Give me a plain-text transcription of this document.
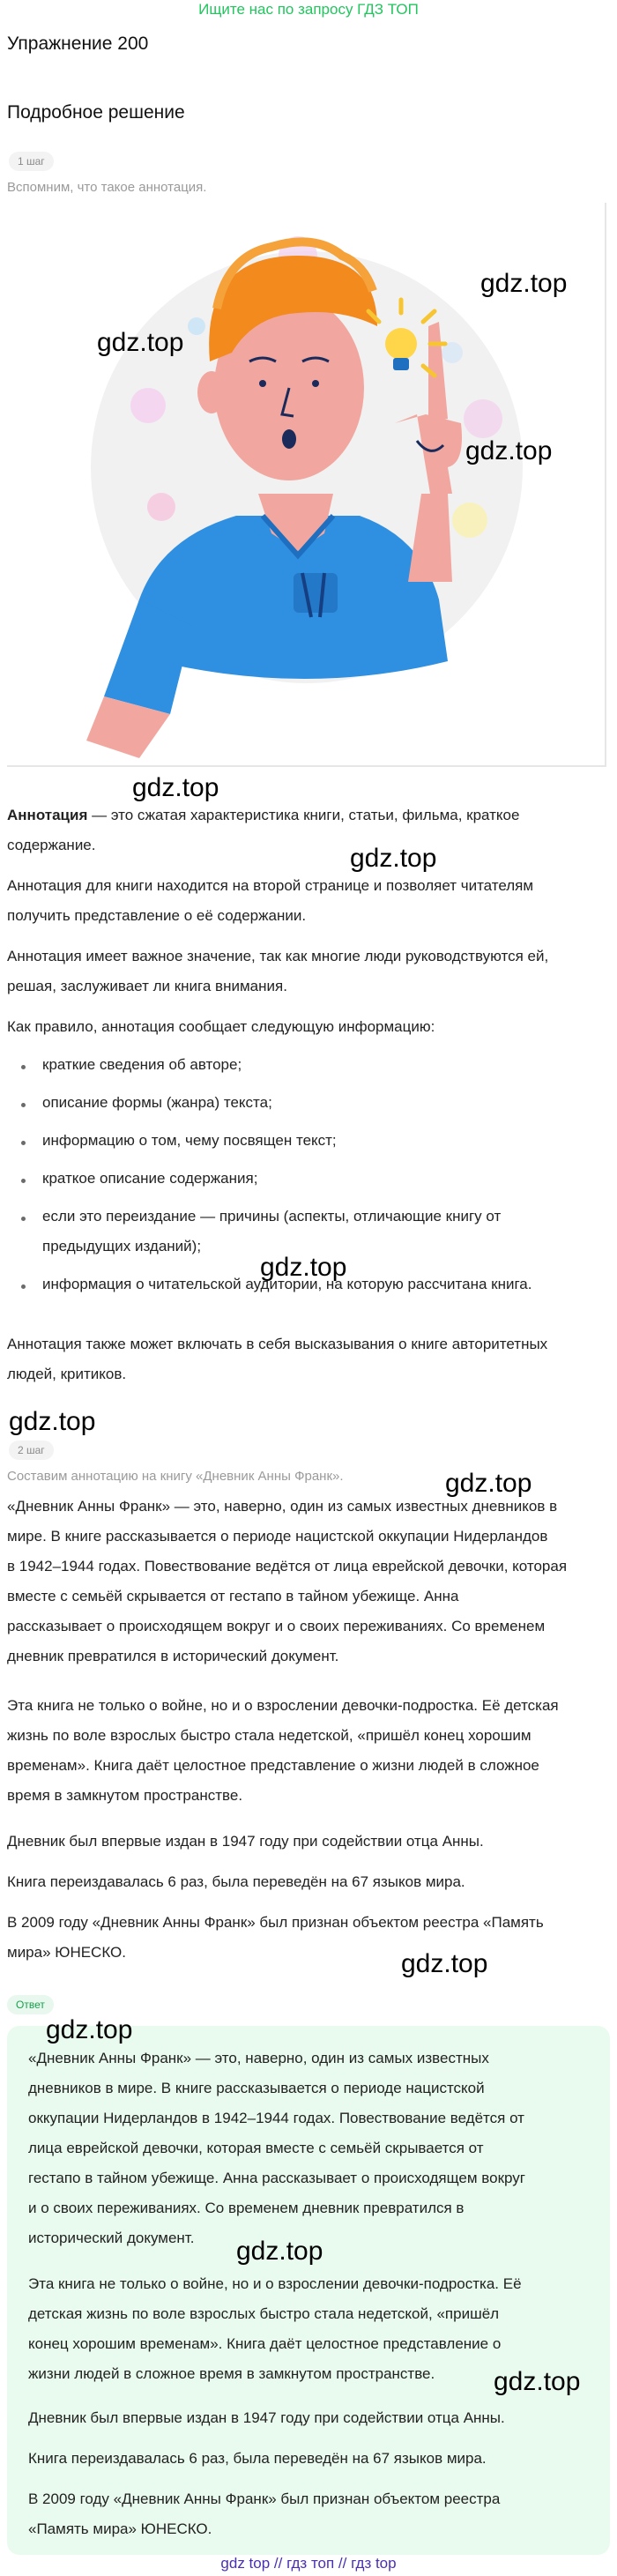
Ищите нас по запросу ГДЗ ТОП
Упражнение 200
Подробное решение
1 шаг
Вспомним, что такое аннотация.
gdz.top
gdz.top
gdz.top
gdz.top
gdz.top
gdz.top
gdz.top
gdz.top
gdz.top
gdz.top
gdz.top
gdz.top
Аннотация — это сжатая характеристика книги, статьи, фильма, краткое
содержание.
Аннотация для книги находится на второй странице и позволяет читателям
получить представление о её содержании.
Аннотация имеет важное значение, так как многие люди руководствуются ей,
решая, заслуживает ли книга внимания.
Как правило, аннотация сообщает следующую информацию:
краткие сведения об авторе;
описание формы (жанра) текста;
информацию о том, чему посвящен текст;
краткое описание содержания;
если это переиздание — причины (аспекты, отличающие книгу от
предыдущих изданий);
информация о читательской аудитории, на которую рассчитана книга.
Аннотация также может включать в себя высказывания о книге авторитетных
людей, критиков.
2 шаг
Составим аннотацию на книгу «Дневник Анны Франк».
«Дневник Анны Франк» — это, наверно, один из самых известных дневников в
мире. В книге рассказывается о периоде нацистской оккупации Нидерландов
в 1942–1944 годах. Повествование ведётся от лица еврейской девочки, которая
вместе с семьёй скрывается от гестапо в тайном убежище. Анна
рассказывает о происходящем вокруг и о своих переживаниях. Со временем
дневник превратился в исторический документ.
Эта книга не только о войне, но и о взрослении девочки-подростка. Её детская
жизнь по воле взрослых быстро стала недетской, «пришёл конец хорошим
временам». Книга даёт целостное представление о жизни людей в сложное
время в замкнутом пространстве.
Дневник был впервые издан в 1947 году при содействии отца Анны.
Книга переиздавалась 6 раз, была переведён на 67 языков мира.
В 2009 году «Дневник Анны Франк» был признан объектом реестра «Память
мира» ЮНЕСКО.
Ответ
«Дневник Анны Франк» — это, наверно, один из самых известных
дневников в мире. В книге рассказывается о периоде нацистской
оккупации Нидерландов в 1942–1944 годах. Повествование ведётся от
лица еврейской девочки, которая вместе с семьёй скрывается от
гестапо в тайном убежище. Анна рассказывает о происходящем вокруг
и о своих переживаниях. Со временем дневник превратился в
исторический документ.
Эта книга не только о войне, но и о взрослении девочки-подростка. Её
детская жизнь по воле взрослых быстро стала недетской, «пришёл
конец хорошим временам». Книга даёт целостное представление о
жизни людей в сложное время в замкнутом пространстве.
Дневник был впервые издан в 1947 году при содействии отца Анны.
Книга переиздавалась 6 раз, была переведён на 67 языков мира.
В 2009 году «Дневник Анны Франк» был признан объектом реестра
«Память мира» ЮНЕСКО.
gdz top // гдз топ // гдз top
